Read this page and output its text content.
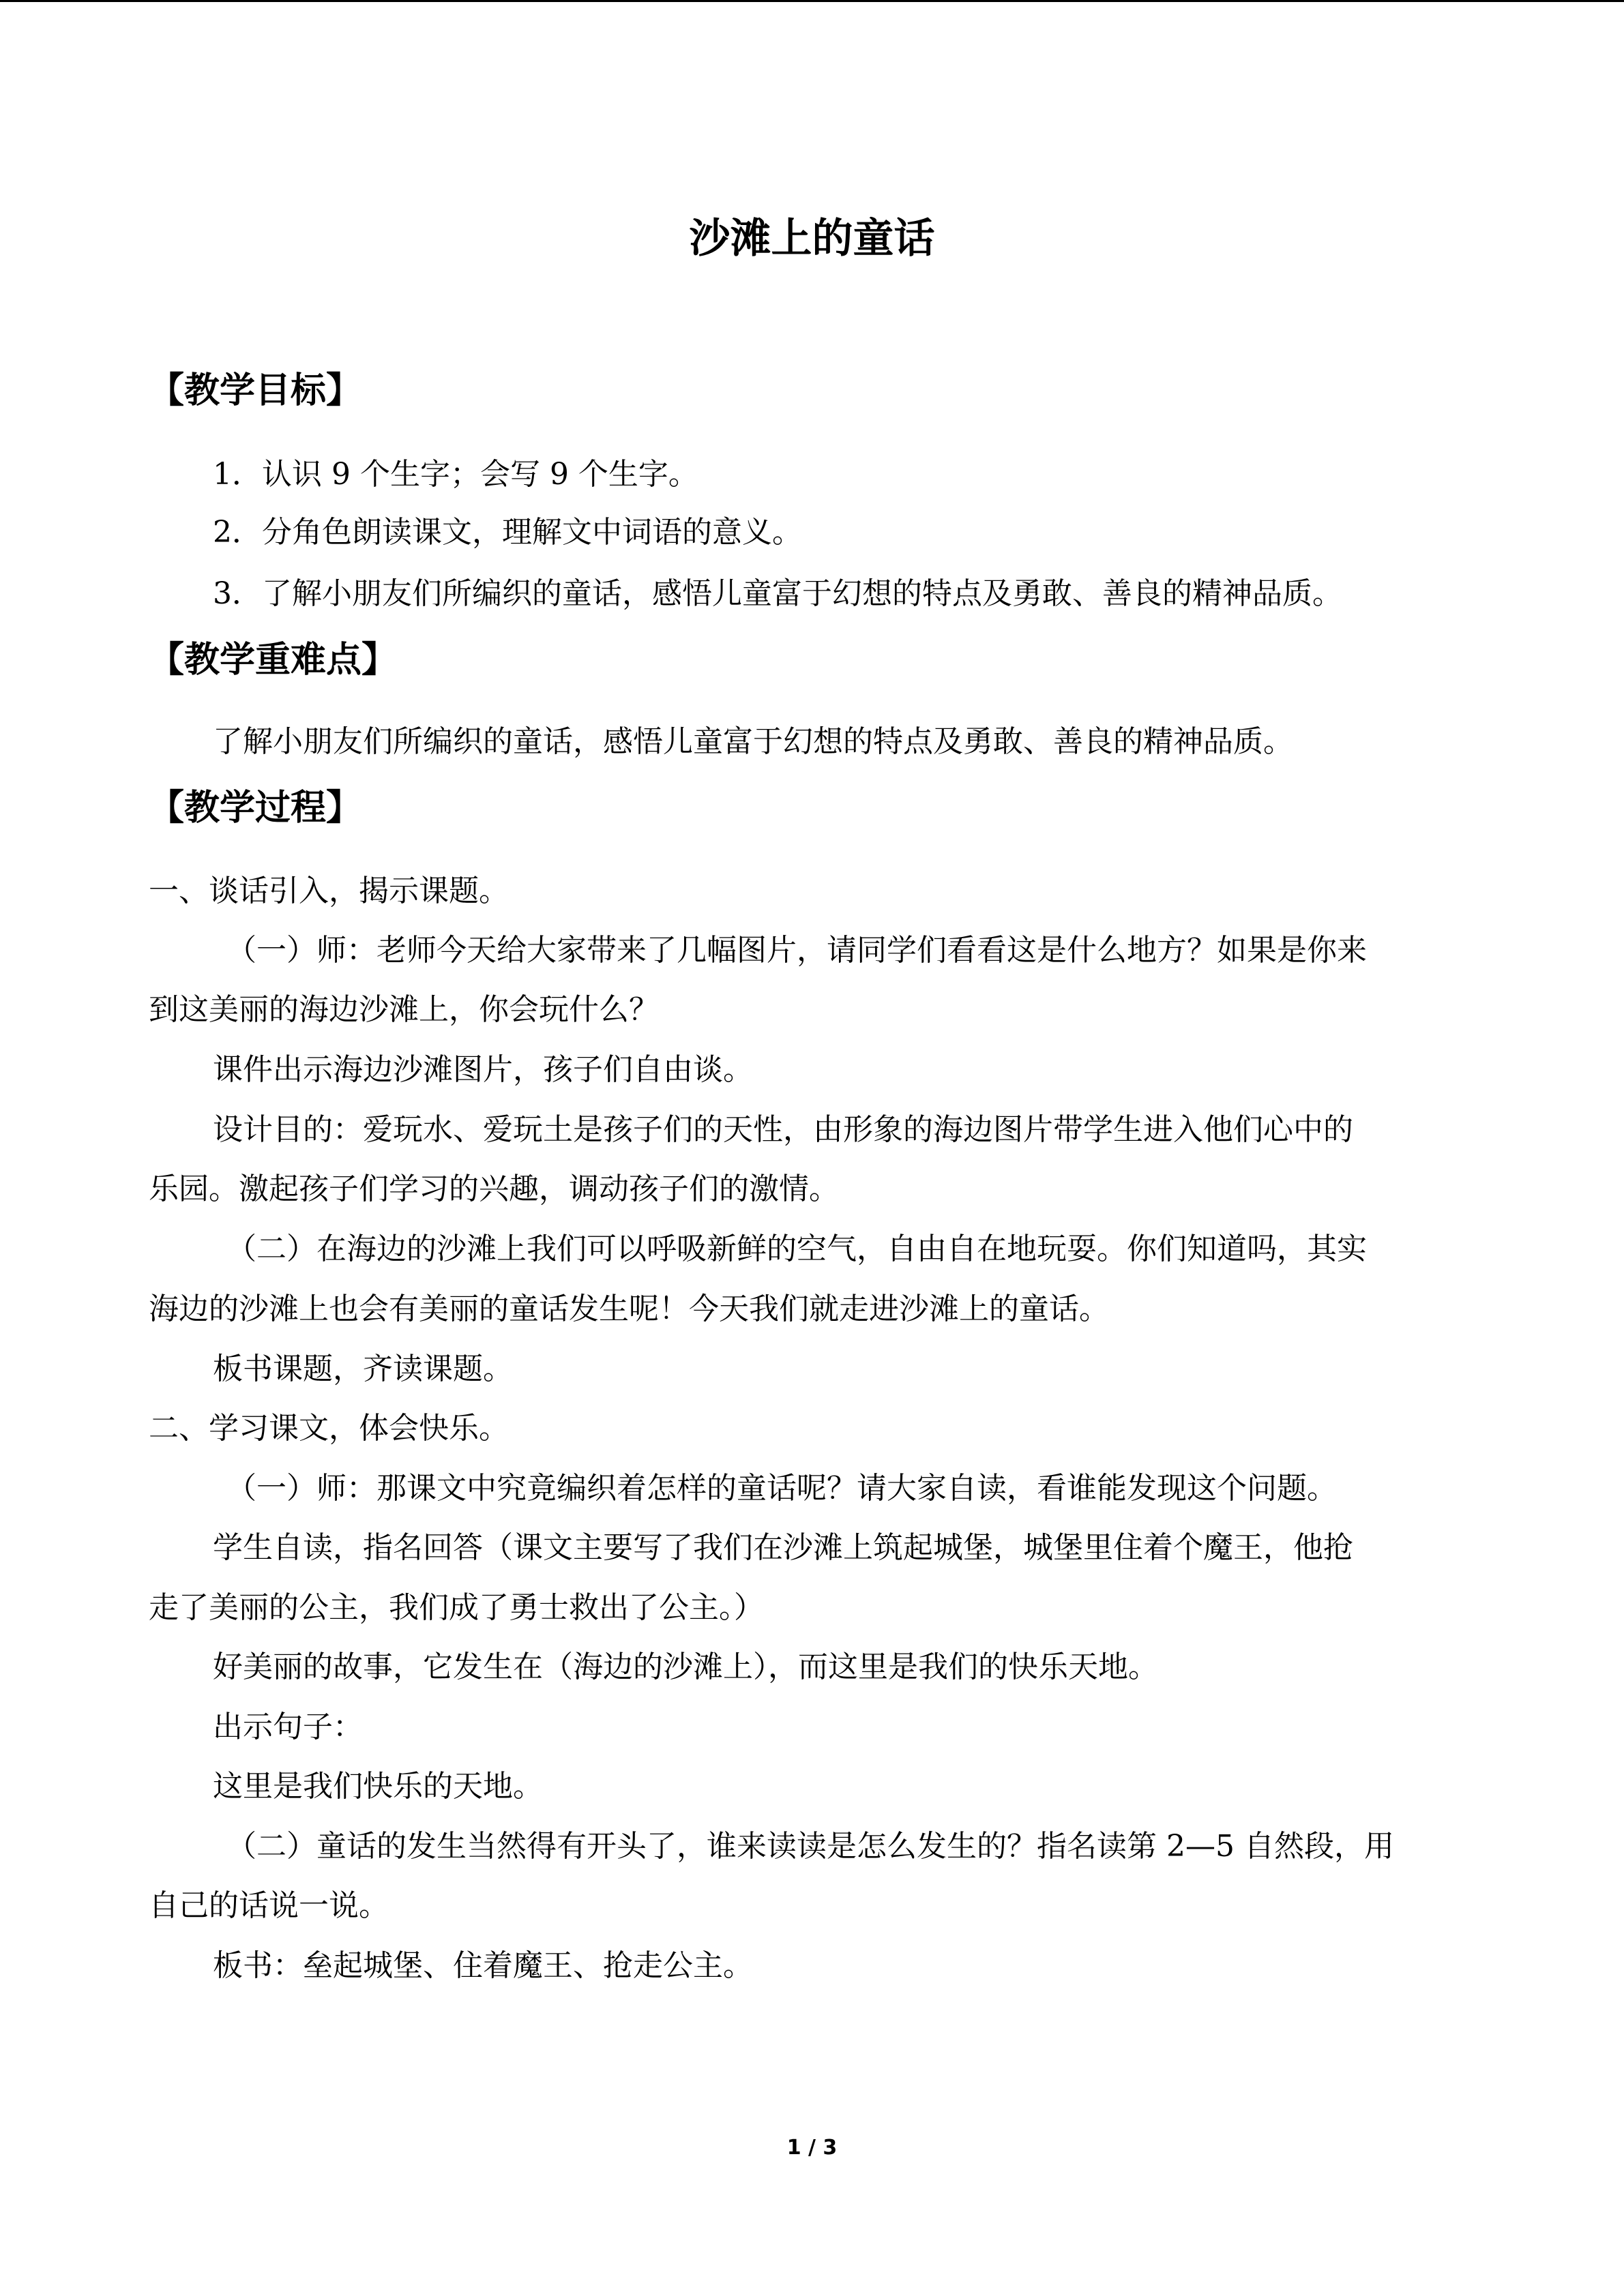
沙滩上的童话
【教学目标】
1．认识 9 个生字；会写 9 个生字。
2．分角色朗读课文，理解文中词语的意义。
3．了解小朋友们所编织的童话，感悟儿童富于幻想的特点及勇敢、善良的精神品质。
【教学重难点】
了解小朋友们所编织的童话，感悟儿童富于幻想的特点及勇敢、善良的精神品质。
【教学过程】
一、谈话引入，揭示课题。
（一）师：老师今天给大家带来了几幅图片，请同学们看看这是什么地方？如果是你来
到这美丽的海边沙滩上，你会玩什么？
课件出示海边沙滩图片，孩子们自由谈。
设计目的：爱玩水、爱玩土是孩子们的天性，由形象的海边图片带学生进入他们心中的
乐园。激起孩子们学习的兴趣，调动孩子们的激情。
（二）在海边的沙滩上我们可以呼吸新鲜的空气，自由自在地玩耍。你们知道吗，其实
海边的沙滩上也会有美丽的童话发生呢！今天我们就走进沙滩上的童话。
板书课题，齐读课题。
二、学习课文，体会快乐。
（一）师：那课文中究竟编织着怎样的童话呢？请大家自读，看谁能发现这个问题。
学生自读，指名回答（课文主要写了我们在沙滩上筑起城堡，城堡里住着个魔王，他抢
走了美丽的公主，我们成了勇士救出了公主。）
好美丽的故事，它发生在（海边的沙滩上），而这里是我们的快乐天地。
出示句子：
这里是我们快乐的天地。
（二）童话的发生当然得有开头了，谁来读读是怎么发生的？指名读第 2—5 自然段，用
自己的话说一说。
板书：垒起城堡、住着魔王、抢走公主。
1 / 3
